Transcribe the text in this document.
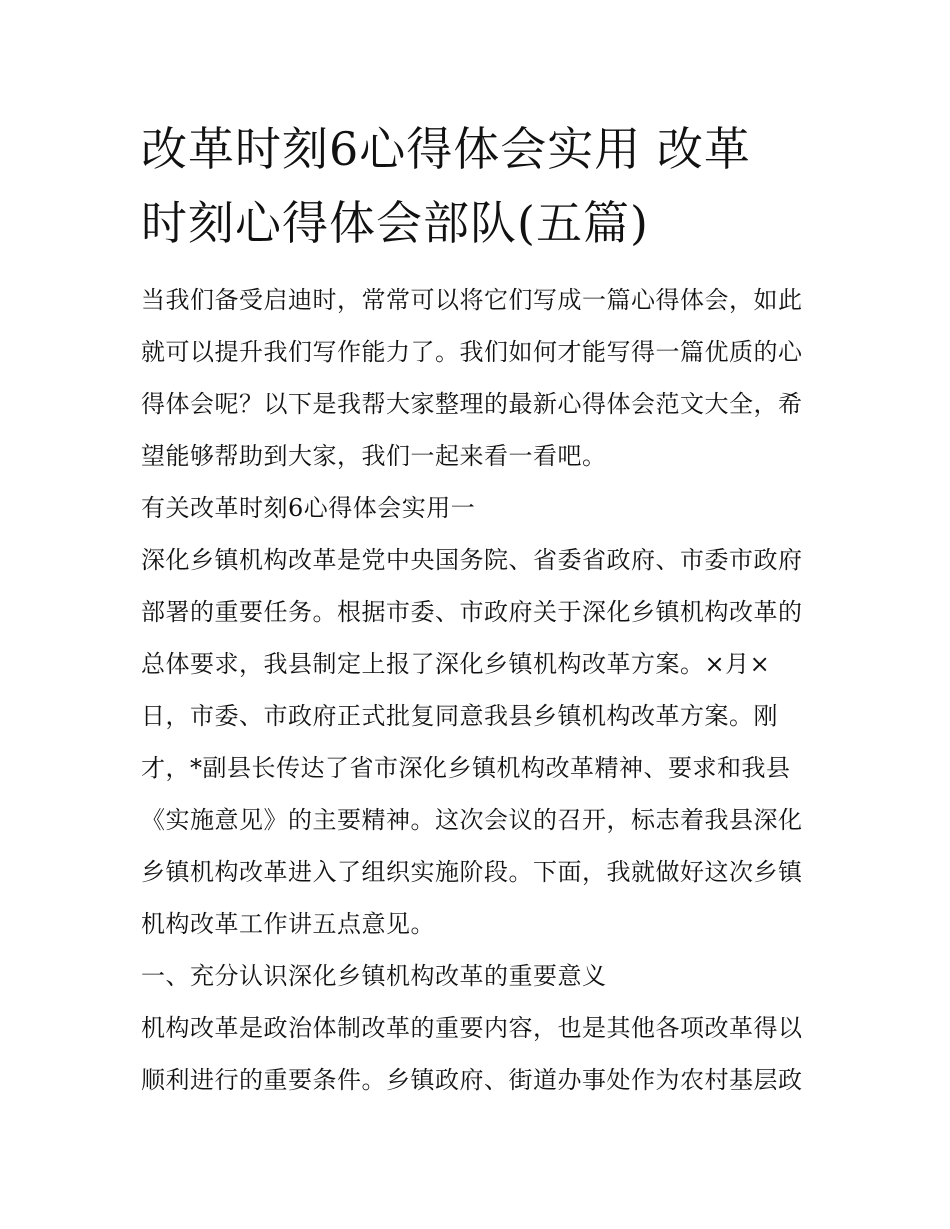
改革时刻6心得体会实用 改革
时刻心得体会部队(五篇)
当我们备受启迪时，常常可以将它们写成一篇心得体会，如此
就可以提升我们写作能力了。我们如何才能写得一篇优质的心
得体会呢？以下是我帮大家整理的最新心得体会范文大全，希
望能够帮助到大家，我们一起来看一看吧。
有关改革时刻6心得体会实用一
深化乡镇机构改革是党中央国务院、省委省政府、市委市政府
部署的重要任务。根据市委、市政府关于深化乡镇机构改革的
总体要求，我县制定上报了深化乡镇机构改革方案。×月×
日，市委、市政府正式批复同意我县乡镇机构改革方案。刚
才，*副县长传达了省市深化乡镇机构改革精神、要求和我县
《实施意见》的主要精神。这次会议的召开，标志着我县深化
乡镇机构改革进入了组织实施阶段。下面，我就做好这次乡镇
机构改革工作讲五点意见。
一、充分认识深化乡镇机构改革的重要意义
机构改革是政治体制改革的重要内容，也是其他各项改革得以
顺利进行的重要条件。乡镇政府、街道办事处作为农村基层政
